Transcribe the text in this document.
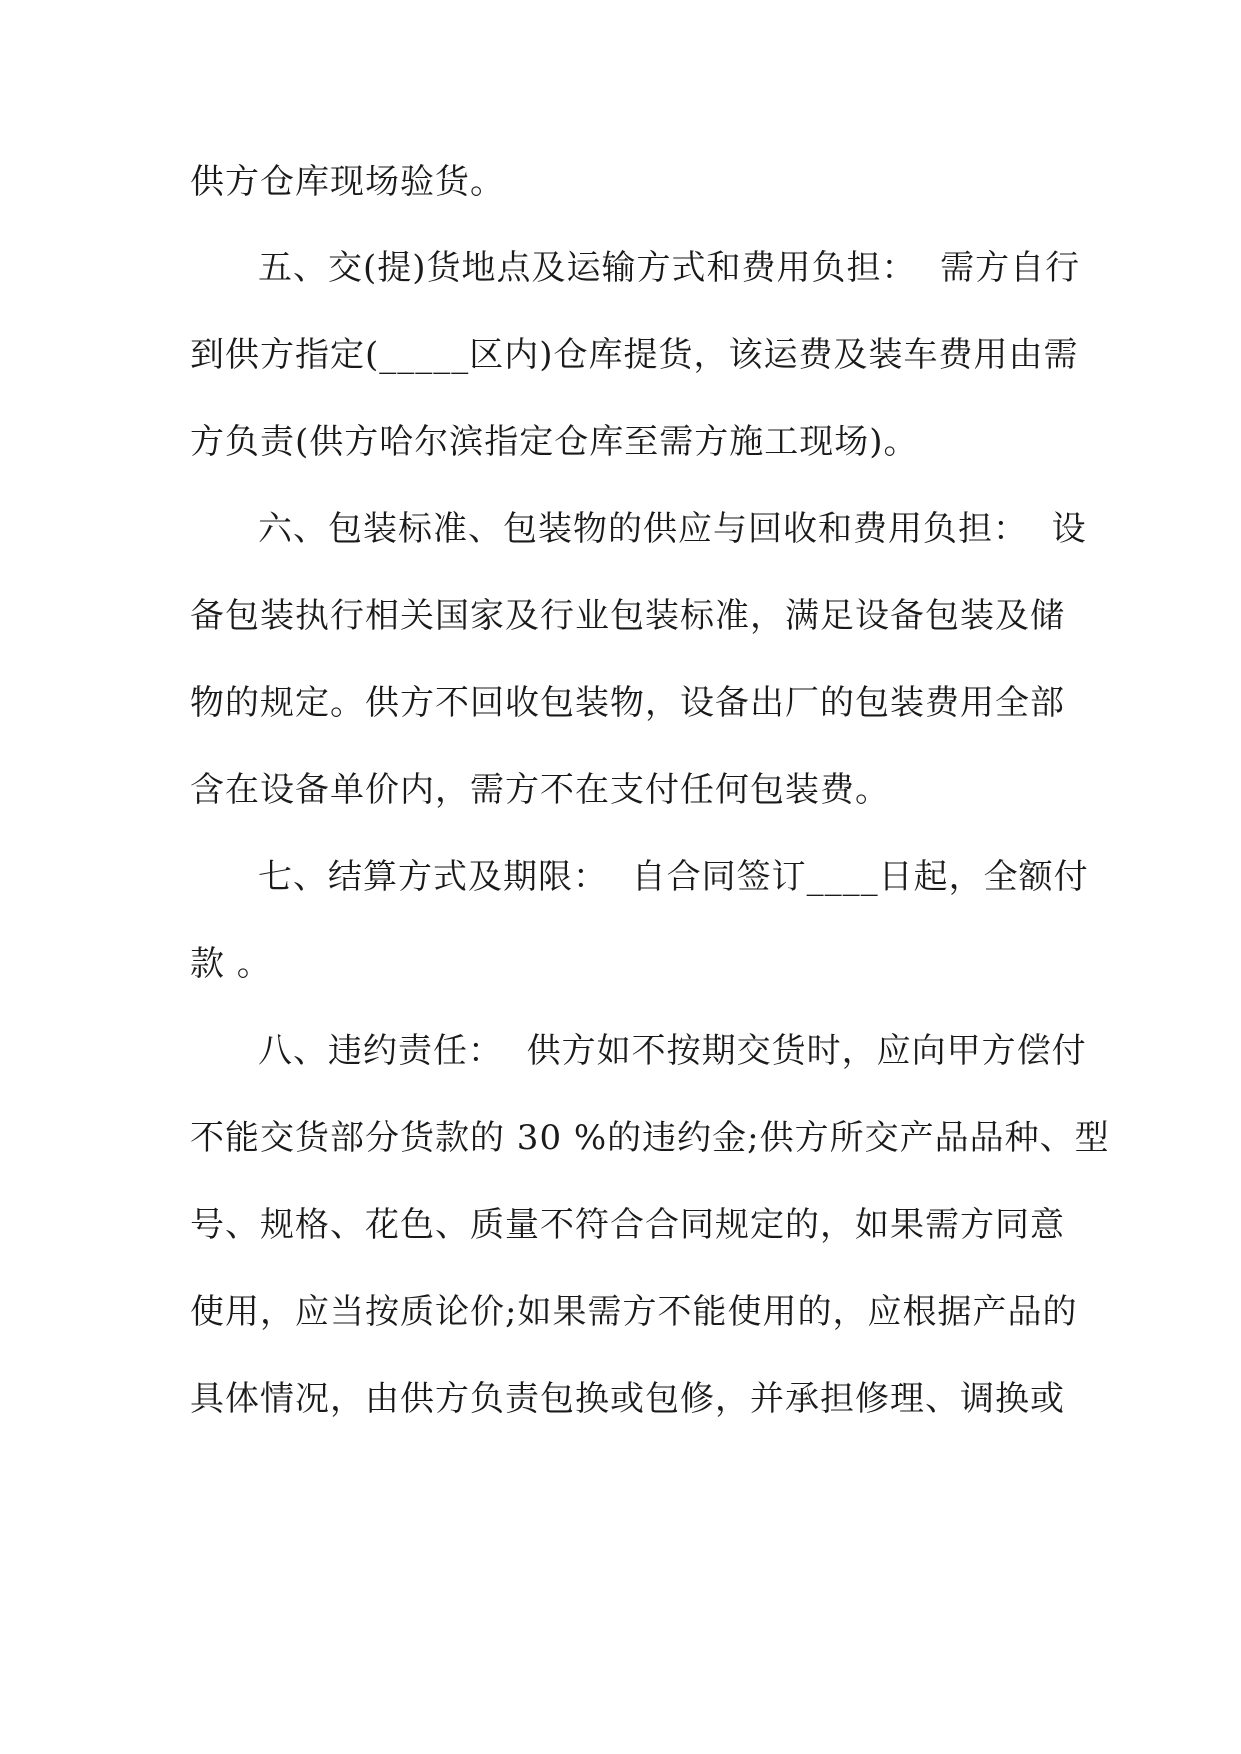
供方仓库现场验货。
五、交(提)货地点及运输方式和费用负担：  需方自行
到供方指定(_____区内)仓库提货，该运费及装车费用由需
方负责(供方哈尔滨指定仓库至需方施工现场)。
六、包装标准、包装物的供应与回收和费用负担：  设
备包装执行相关国家及行业包装标准，满足设备包装及储
物的规定。供方不回收包装物，设备出厂的包装费用全部
含在设备单价内，需方不在支付任何包装费。
七、结算方式及期限：  自合同签订____日起，全额付
款 。
八、违约责任：  供方如不按期交货时，应向甲方偿付
不能交货部分货款的 30 %的违约金;供方所交产品品种、型
号、规格、花色、质量不符合合同规定的，如果需方同意
使用，应当按质论价;如果需方不能使用的，应根据产品的
具体情况，由供方负责包换或包修，并承担修理、调换或
